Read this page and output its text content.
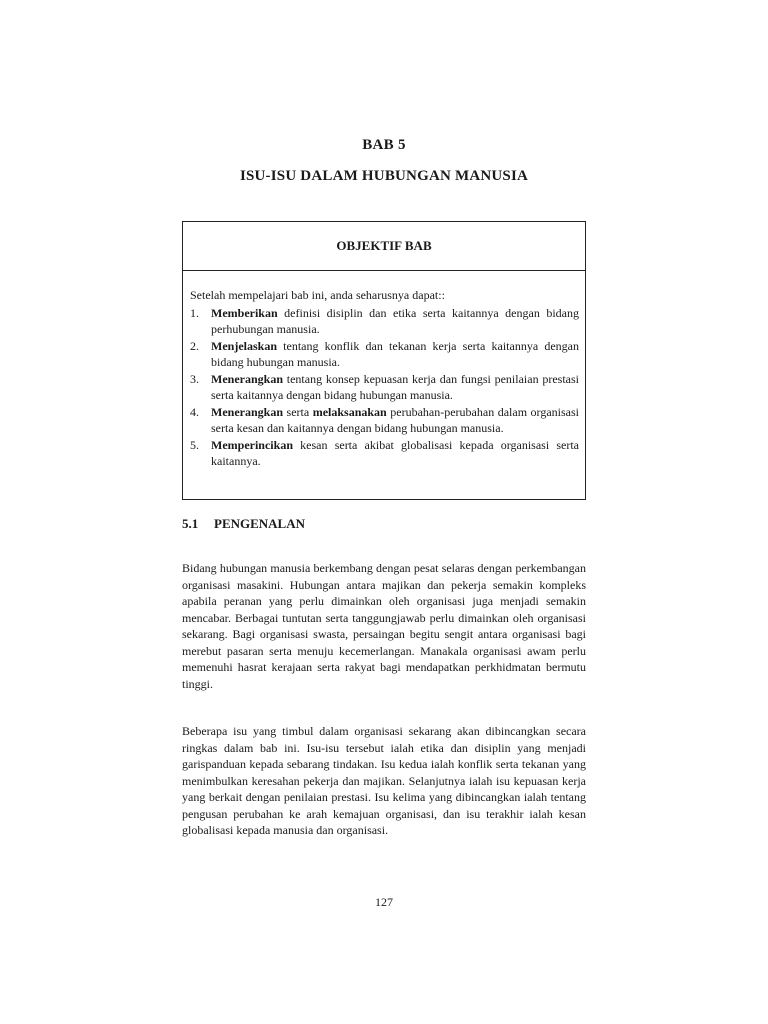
BAB 5
ISU-ISU DALAM HUBUNGAN MANUSIA
OBJEKTIF BAB

Setelah mempelajari bab ini, anda seharusnya dapat::

1.	Memberikan definisi disiplin dan etika serta kaitannya dengan bidang perhubungan manusia.
2.	Menjelaskan tentang konflik dan tekanan kerja serta kaitannya dengan bidang hubungan manusia.
3.	Menerangkan tentang konsep kepuasan kerja dan fungsi penilaian prestasi serta kaitannya dengan bidang hubungan manusia.
4.	Menerangkan serta melaksanakan perubahan-perubahan dalam organisasi serta kesan dan kaitannya dengan bidang hubungan manusia.
5.	Memperincikan kesan serta akibat globalisasi kepada organisasi serta kaitannya.
5.1 PENGENALAN

Bidang hubungan manusia berkembang dengan pesat selaras dengan perkembangan organisasi masakini. Hubungan antara majikan dan pekerja semakin kompleks apabila peranan yang perlu dimainkan oleh organisasi juga menjadi semakin mencabar. Berbagai tuntutan serta tanggungjawab perlu dimainkan oleh organisasi sekarang. Bagi organisasi swasta, persaingan begitu sengit antara organisasi bagi merebut pasaran serta menuju kecemerlangan. Manakala organisasi awam perlu memenuhi hasrat kerajaan serta rakyat bagi mendapatkan perkhidmatan bermutu tinggi.

Beberapa isu yang timbul dalam organisasi sekarang akan dibincangkan secara ringkas dalam bab ini. Isu-isu tersebut ialah etika dan disiplin yang menjadi garispanduan kepada sebarang tindakan. Isu kedua ialah konflik serta tekanan yang menimbulkan keresahan pekerja dan majikan. Selanjutnya ialah isu kepuasan kerja yang berkait dengan penilaian prestasi. Isu kelima yang dibincangkan ialah tentang pengusan perubahan ke arah kemajuan organisasi, dan isu terakhir ialah kesan globalisasi kepada manusia dan organisasi.

127
